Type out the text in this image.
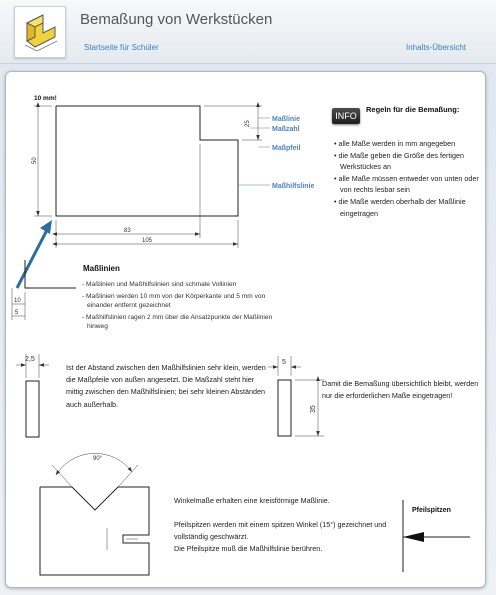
Bemaßung von Werkstücken
Startseite für Schüler	Inhalts-Übersicht
10 mm!
50
25
83
105
Maßlinie
Maßzahl
Maßpfeil
Maßhilfslinie
10
5
2,5	5
35
90°
INFO
Regeln für die Bemaßung:
• alle Maße werden in mm angegeben
• die Maße geben die Größe des fertigen Werkstückes an
• alle Maße müssen entweder von unten oder von rechts lesbar sein
• die Maße werden oberhalb der Maßlinie eingetragen
Maßlinien
- Maßlinien und Maßhilfslinien sind schmale Vollinien
- Maßlinien werden 10 mm von der Körperkante und 5 mm von einander entfernt gezeichnet
- Maßhilfslinien ragen 2 mm über die Ansatzpunkte der Maßlinien hinweg
Ist der Abstand zwischen den Maßhilfslinien sehr klein, werden die Maßpfeile von außen angesetzt. Die Maßzahl steht hier mittig zwischen den Maßhilfslinien; bei sehr kleinen Abständen auch außerhalb.
Damit die Bemaßung übersichtlich bleibt, werden nur die erforderlichen Maße eingetragen!
Winkelmaße erhalten eine kreisförmige Maßlinie.
Pfeilspitzen werden mit einem spitzen Winkel (15°) gezeichnet und vollständig geschwärzt.
Die Pfeilspitze muß die Maßhilfslinie berühren.
Pfeilspitzen
